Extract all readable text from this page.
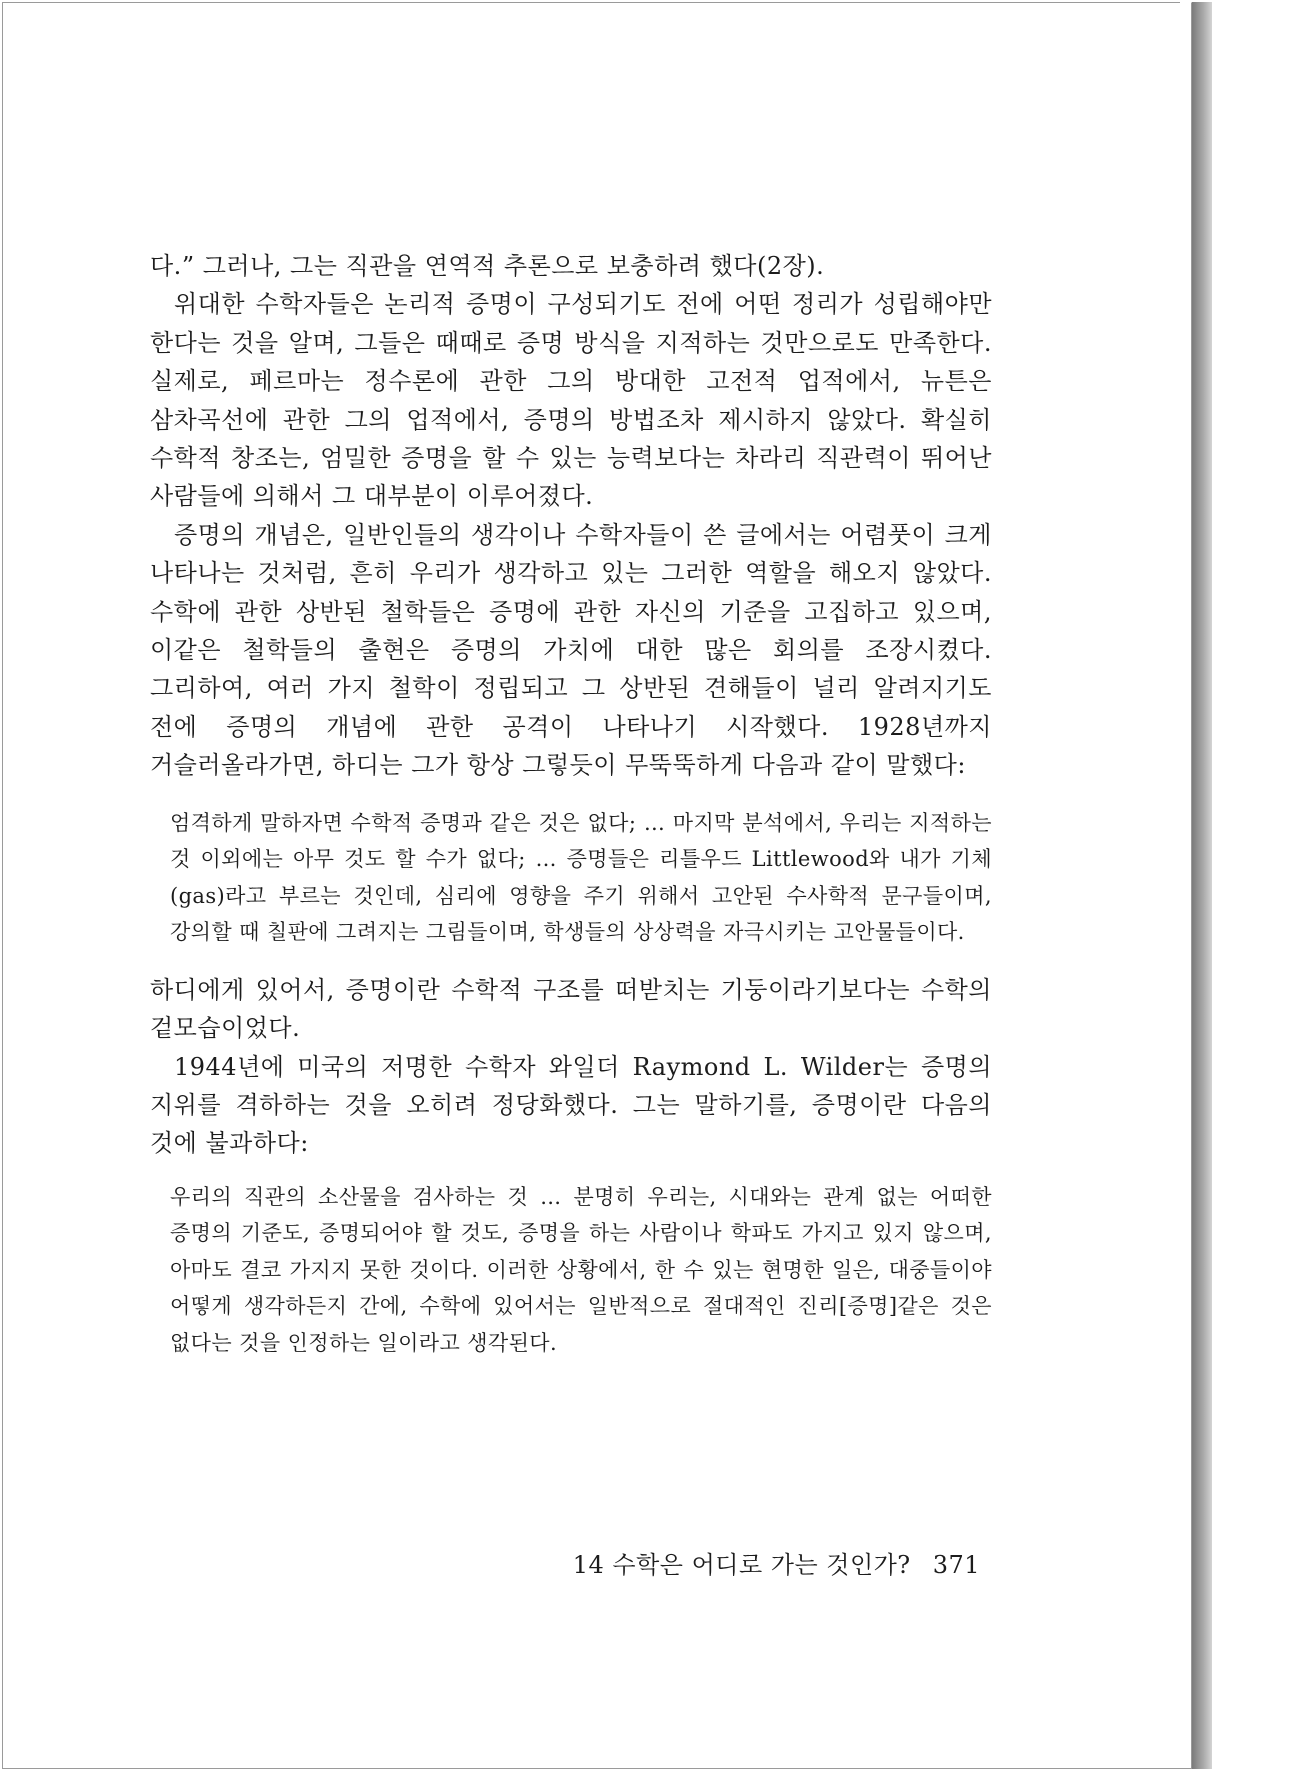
다.” 그러나, 그는 직관을 연역적 추론으로 보충하려 했다(2장).

위대한 수학자들은 논리적 증명이 구성되기도 전에 어떤 정리가 성립해야만 한다는 것을 알며, 그들은 때때로 증명 방식을 지적하는 것만으로도 만족한다. 실제로, 페르마는 정수론에 관한 그의 방대한 고전적 업적에서, 뉴튼은 삼차곡선에 관한 그의 업적에서, 증명의 방법조차 제시하지 않았다. 확실히 수학적 창조는, 엄밀한 증명을 할 수 있는 능력보다는 차라리 직관력이 뛰어난 사람들에 의해서 그 대부분이 이루어졌다.

증명의 개념은, 일반인들의 생각이나 수학자들이 쓴 글에서는 어렴풋이 크게 나타나는 것처럼, 흔히 우리가 생각하고 있는 그러한 역할을 해오지 않았다. 수학에 관한 상반된 철학들은 증명에 관한 자신의 기준을 고집하고 있으며, 이같은 철학들의 출현은 증명의 가치에 대한 많은 회의를 조장시켰다. 그리하여, 여러 가지 철학이 정립되고 그 상반된 견해들이 널리 알려지기도 전에 증명의 개념에 관한 공격이 나타나기 시작했다. 1928년까지 거슬러올라가면, 하디는 그가 항상 그렇듯이 무뚝뚝하게 다음과 같이 말했다:

엄격하게 말하자면 수학적 증명과 같은 것은 없다; … 마지막 분석에서, 우리는 지적하는 것 이외에는 아무 것도 할 수가 없다; … 증명들은 리틀우드 Littlewood와 내가 기체(gas)라고 부르는 것인데, 심리에 영향을 주기 위해서 고안된 수사학적 문구들이며, 강의할 때 칠판에 그려지는 그림들이며, 학생들의 상상력을 자극시키는 고안물들이다.

하디에게 있어서, 증명이란 수학적 구조를 떠받치는 기둥이라기보다는 수학의 겉모습이었다.

1944년에 미국의 저명한 수학자 와일더 Raymond L. Wilder는 증명의 지위를 격하하는 것을 오히려 정당화했다. 그는 말하기를, 증명이란 다음의 것에 불과하다:

우리의 직관의 소산물을 검사하는 것 … 분명히 우리는, 시대와는 관계 없는 어떠한 증명의 기준도, 증명되어야 할 것도, 증명을 하는 사람이나 학파도 가지고 있지 않으며, 아마도 결코 가지지 못한 것이다. 이러한 상황에서, 한 수 있는 현명한 일은, 대중들이야 어떻게 생각하든지 간에, 수학에 있어서는 일반적으로 절대적인 진리[증명]같은 것은 없다는 것을 인정하는 일이라고 생각된다.

14 수학은 어디로 가는 것인가? 371
